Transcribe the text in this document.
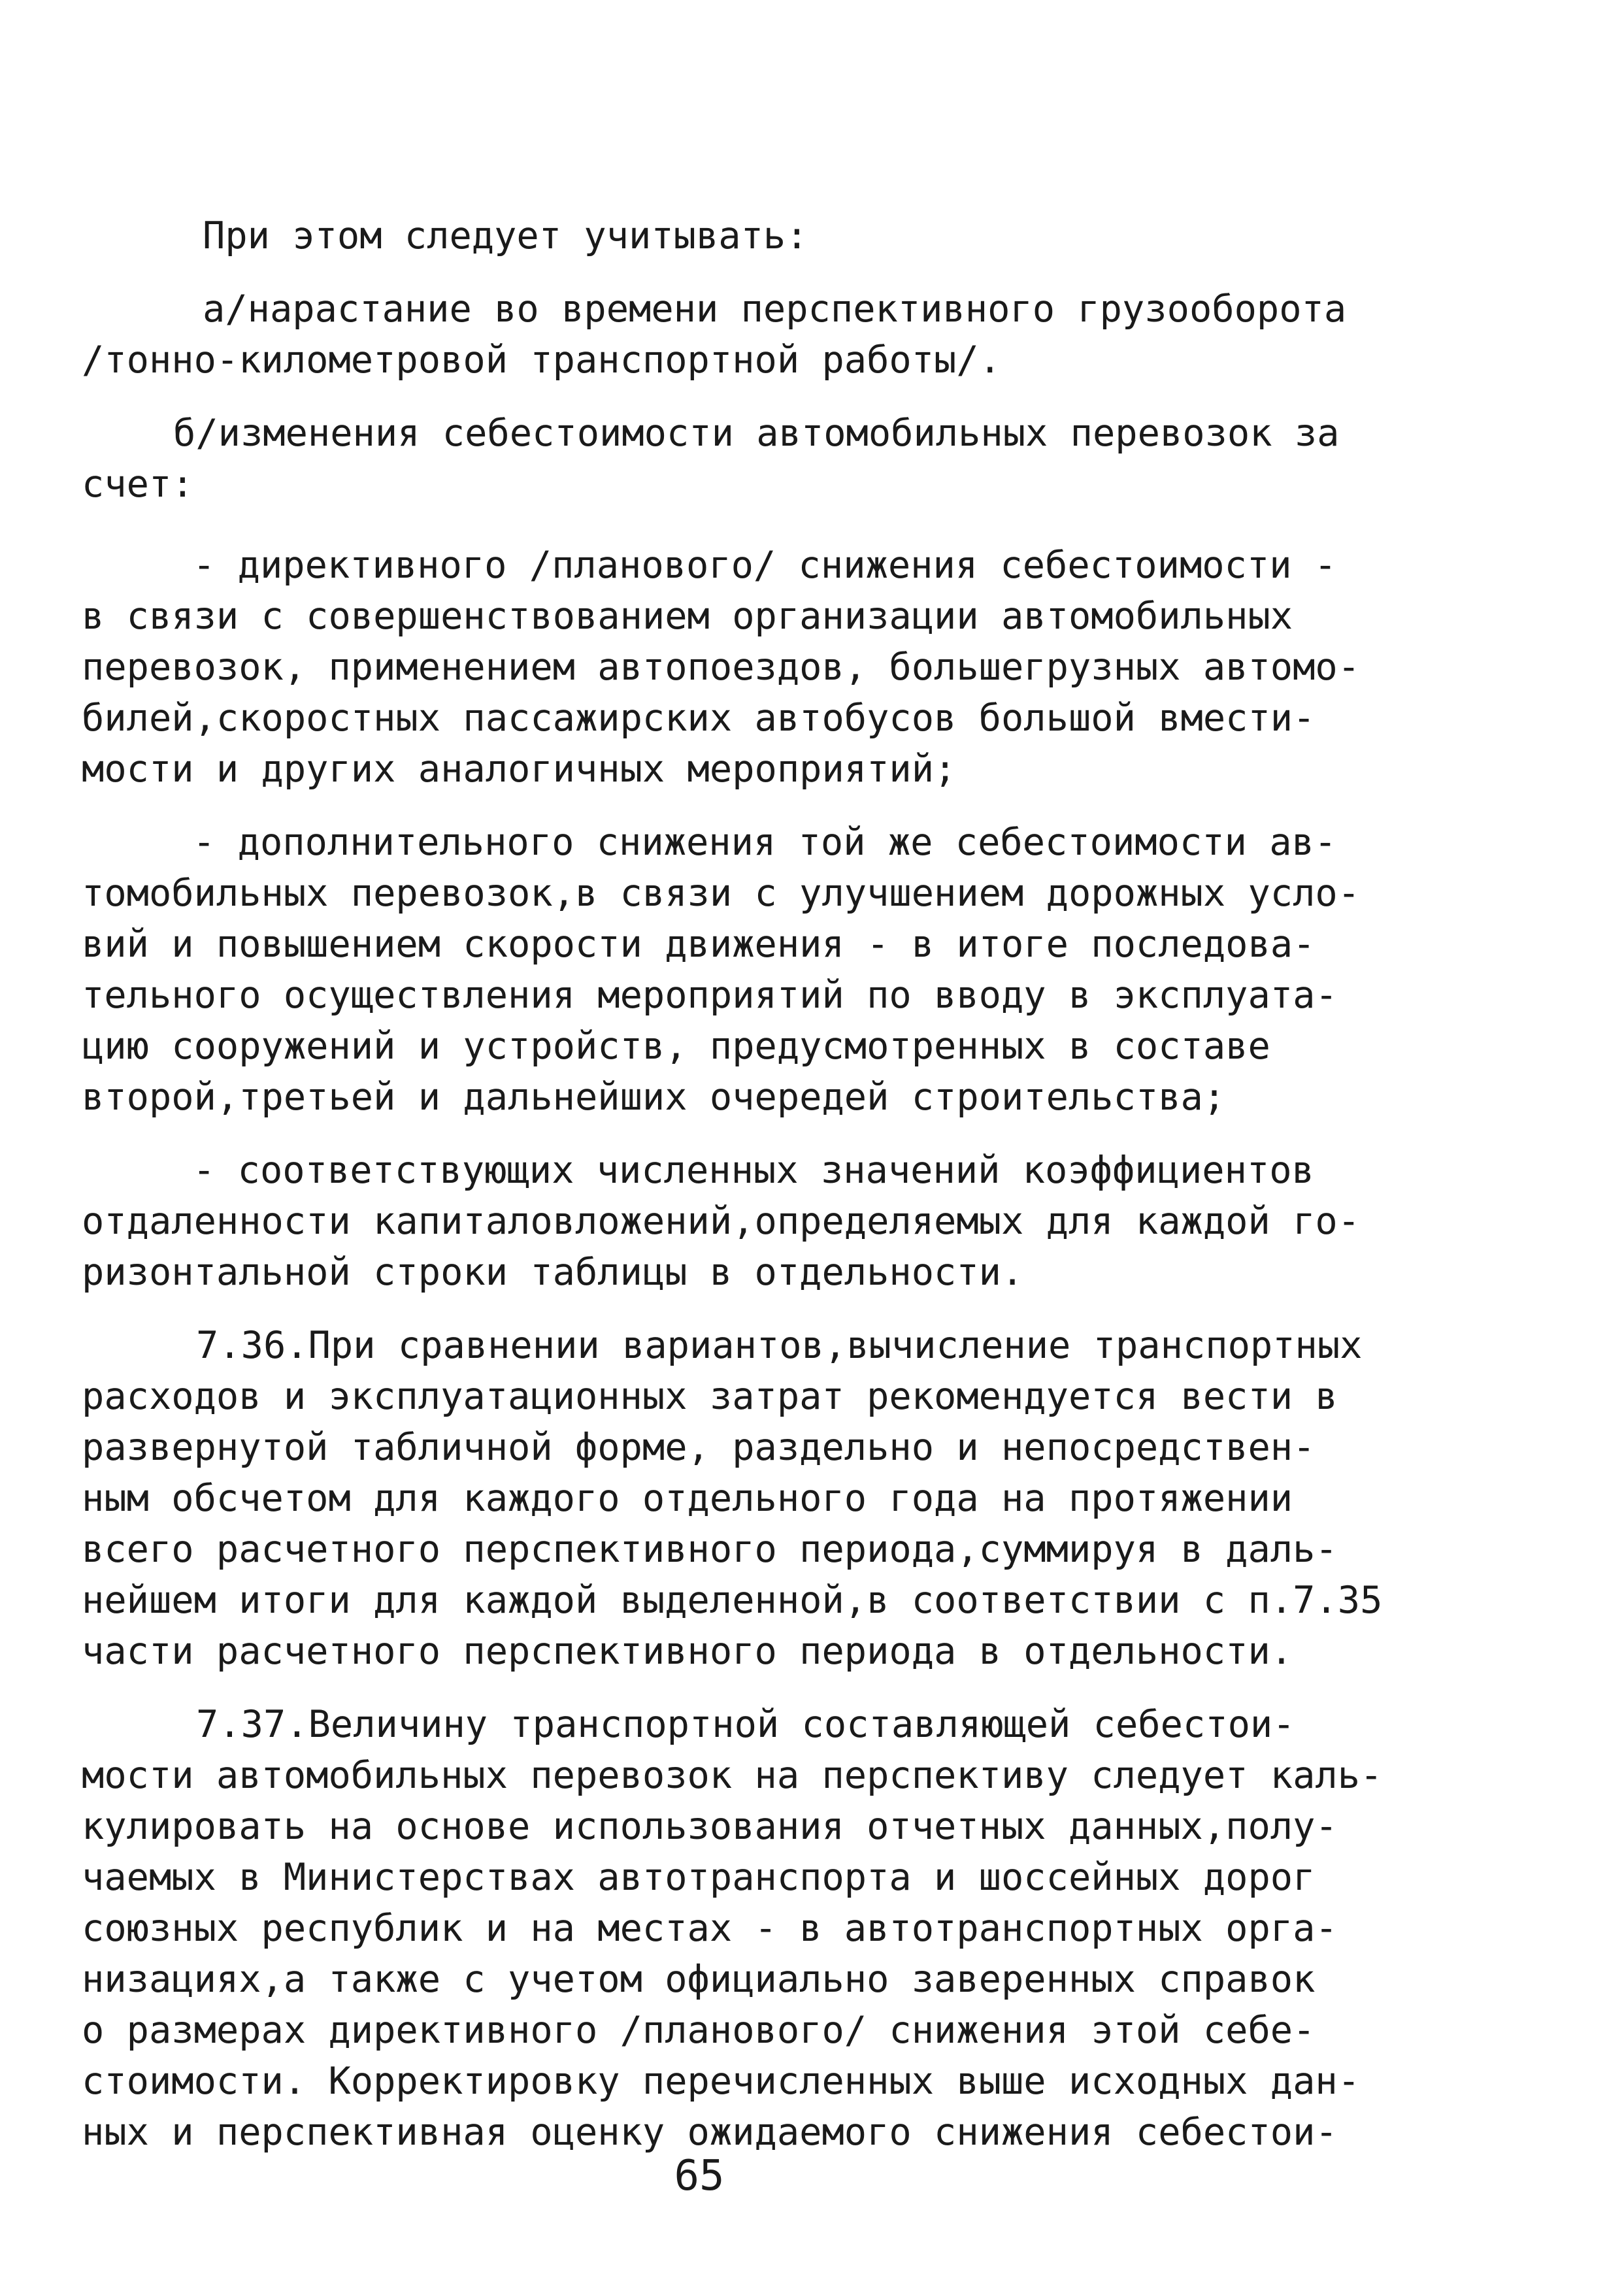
При этом следует учитывать:
а/нарастание во времени перспективного грузооборота
/тонно-километровой транспортной работы/.
б/изменения себестоимости автомобильных перевозок за
счет:
- директивного /планового/ снижения себестоимости -
в связи с совершенствованием организации автомобильных
перевозок, применением автопоездов, большегрузных автомо-
билей,скоростных пассажирских автобусов большой вмести-
мости и других аналогичных мероприятий;
- дополнительного снижения той же себестоимости ав-
томобильных перевозок,в связи с улучшением дорожных усло-
вий и повышением скорости движения - в итоге последова-
тельного осуществления мероприятий по вводу в эксплуата-
цию сооружений и устройств, предусмотренных в составе
второй,третьей и дальнейших очередей строительства;
- соответствующих численных значений коэффициентов
отдаленности капиталовложений,определяемых для каждой го-
ризонтальной строки таблицы в отдельности.
7.36.При сравнении вариантов,вычисление транспортных
расходов и эксплуатационных затрат рекомендуется вести в
развернутой табличной форме, раздельно и непосредствен-
ным обсчетом для каждого отдельного года на протяжении
всего расчетного перспективного периода,суммируя в даль-
нейшем итоги для каждой выделенной,в соответствии с п.7.35
части расчетного перспективного периода в отдельности.
7.37.Величину транспортной составляющей себестои-
мости автомобильных перевозок на перспективу следует каль-
кулировать на основе использования отчетных данных,полу-
чаемых в Министерствах автотранспорта и шоссейных дорог
союзных республик и на местах - в автотранспортных орга-
низациях,а также с учетом официально заверенных справок
о размерах директивного /планового/ снижения этой себе-
стоимости. Корректировку перечисленных выше исходных дан-
ных и перспективная оценку ожидаемого снижения себестои-
65
